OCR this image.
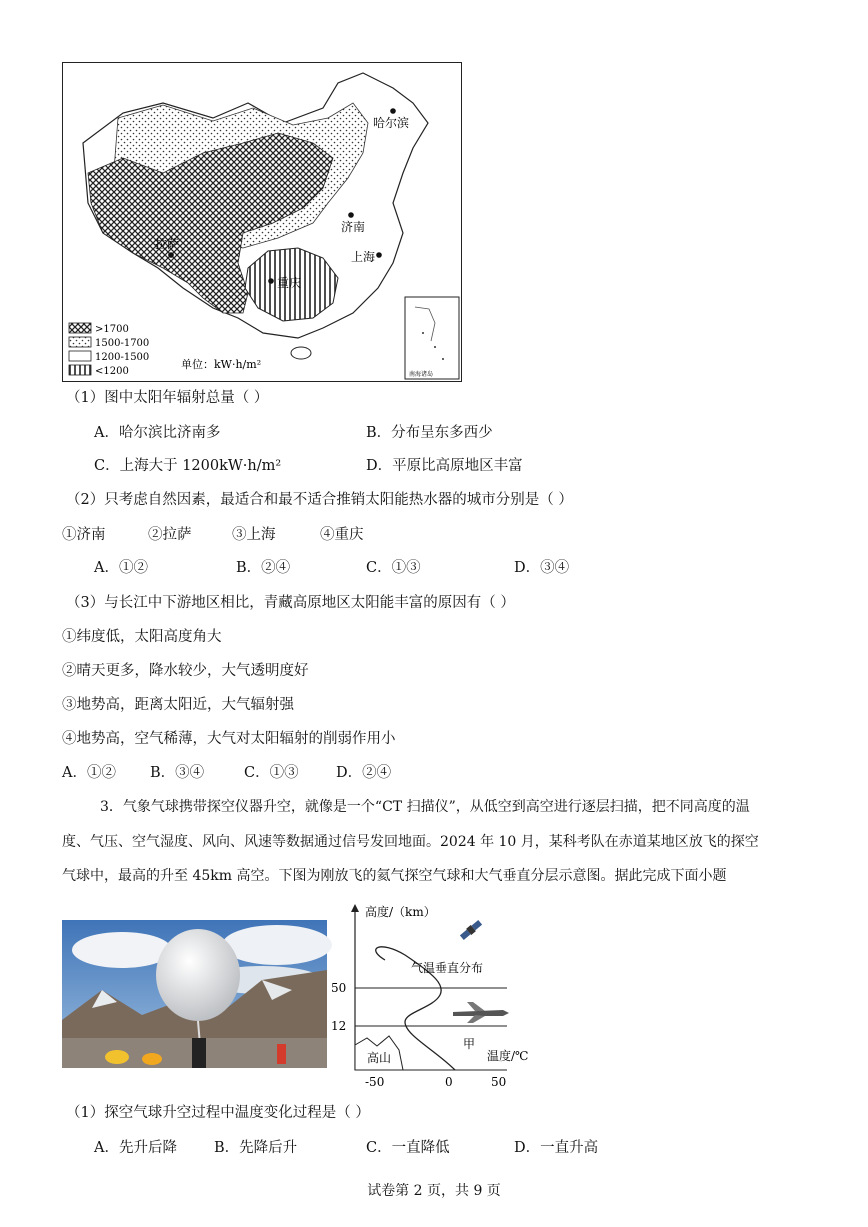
哈尔滨
济南
拉萨
上海
重庆
>1700
1500-1700
1200-1500
<1200
单位：kW·h/m²
南海诸岛
（1）图中太阳年辐射总量（ ）
A．哈尔滨比济南多	B．分布呈东多西少
C．上海大于 1200kW·h/m²	D．平原比高原地区丰富
（2）只考虑自然因素，最适合和最不适合推销太阳能热水器的城市分别是（ ）
①济南	②拉萨	③上海	④重庆
A．①②	B．②④	C．①③	D．③④
（3）与长江中下游地区相比，青藏高原地区太阳能丰富的原因有（ ）
①纬度低，太阳高度角大
②晴天更多，降水较少，大气透明度好
③地势高，距离太阳近，大气辐射强
④地势高，空气稀薄，大气对太阳辐射的削弱作用小
A．①② B．③④	C．①③	D．②④
3．气象气球携带探空仪器升空，就像是一个“CT 扫描仪”，从低空到高空进行逐层扫描，把不同高度的温
度、气压、空气湿度、风向、风速等数据通过信号发回地面。2024 年 10 月，某科考队在赤道某地区放飞的探空
气球中，最高的升至 45km 高空。下图为刚放飞的氦气探空气球和大气垂直分层示意图。据此完成下面小题
高度/（km）
50
12
气温垂直分布
高山
甲
温度/℃
-50	0	50
（1）探空气球升空过程中温度变化过程是（ ）
A．先升后降	B．先降后升	C．一直降低	D．一直升高
试卷第 2 页，共 9 页
